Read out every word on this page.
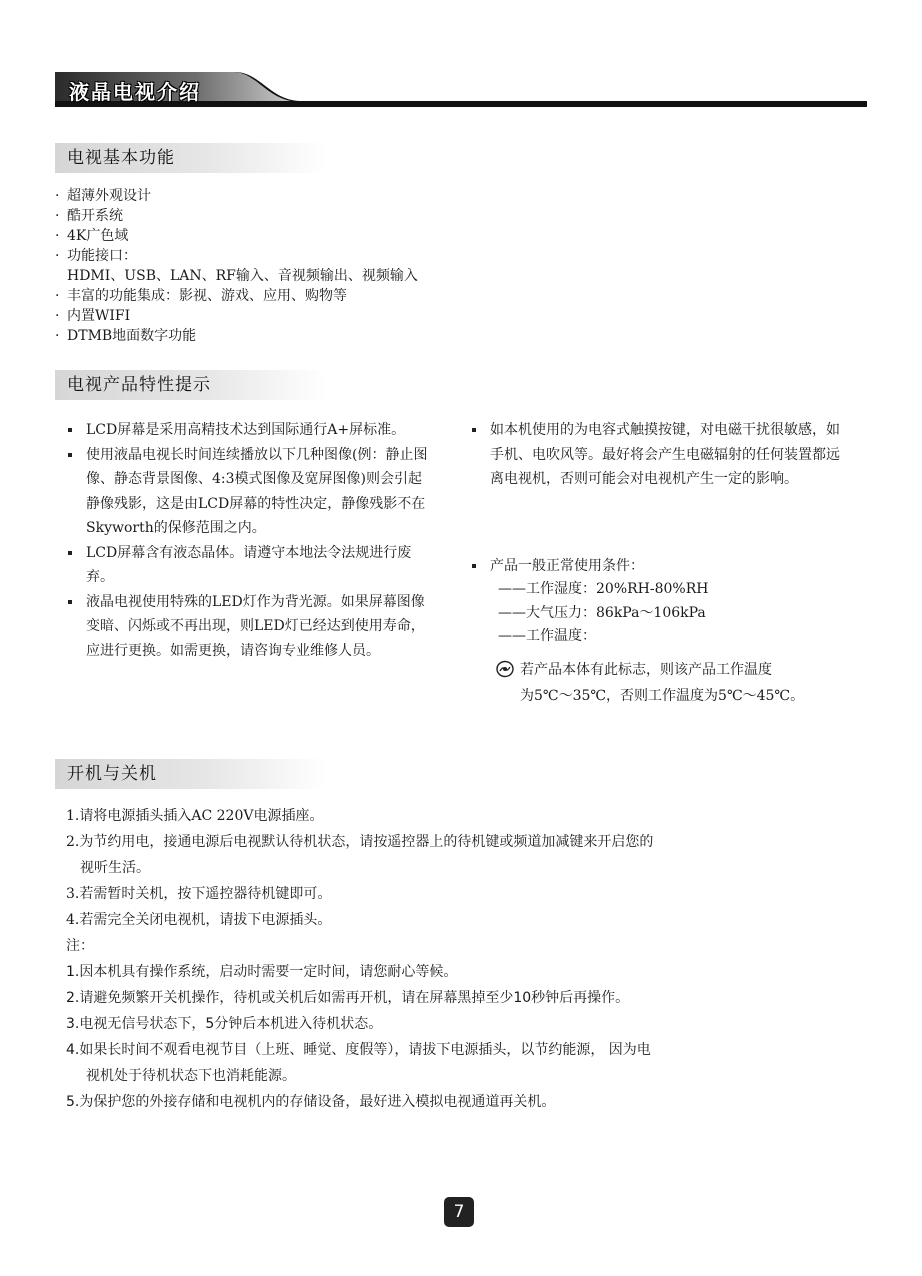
液晶电视介绍
电视基本功能
· 超薄外观设计
· 酷开系统
· 4K广色域
· 功能接口：
HDMI、USB、LAN、RF输入、音视频输出、视频输入
· 丰富的功能集成：影视、游戏、应用、购物等
· 内置WIFI
· DTMB地面数字功能
电视产品特性提示
LCD屏幕是采用高精技术达到国际通行A+屏标准。
使用液晶电视长时间连续播放以下几种图像(例：静止图像、静态背景图像、4:3模式图像及宽屏图像)则会引起静像残影，这是由LCD屏幕的特性决定，静像残影不在Skyworth的保修范围之内。
LCD屏幕含有液态晶体。请遵守本地法令法规进行废弃。
液晶电视使用特殊的LED灯作为背光源。如果屏幕图像变暗、闪烁或不再出现，则LED灯已经达到使用寿命，应进行更换。如需更换，请咨询专业维修人员。
如本机使用的为电容式触摸按键，对电磁干扰很敏感，如手机、电吹风等。最好将会产生电磁辐射的任何装置都远离电视机，否则可能会对电视机产生一定的影响。
产品一般正常使用条件：
——工作湿度：20%RH-80%RH
——大气压力：86kPa～106kPa
——工作温度：
若产品本体有此标志，则该产品工作温度
为5℃～35℃，否则工作温度为5℃～45℃。
开机与关机
1.请将电源插头插入AC 220V电源插座。
2.为节约用电，接通电源后电视默认待机状态，请按遥控器上的待机键或频道加减键来开启您的
视听生活。
3.若需暂时关机，按下遥控器待机键即可。
4.若需完全关闭电视机，请拔下电源插头。
注：
1.因本机具有操作系统，启动时需要一定时间，请您耐心等候。
2.请避免频繁开关机操作，待机或关机后如需再开机，请在屏幕黑掉至少10秒钟后再操作。
3.电视无信号状态下，5分钟后本机进入待机状态。
4.如果长时间不观看电视节目（上班、睡觉、度假等），请拔下电源插头，以节约能源， 因为电
视机处于待机状态下也消耗能源。
5.为保护您的外接存储和电视机内的存储设备，最好进入模拟电视通道再关机。
7
